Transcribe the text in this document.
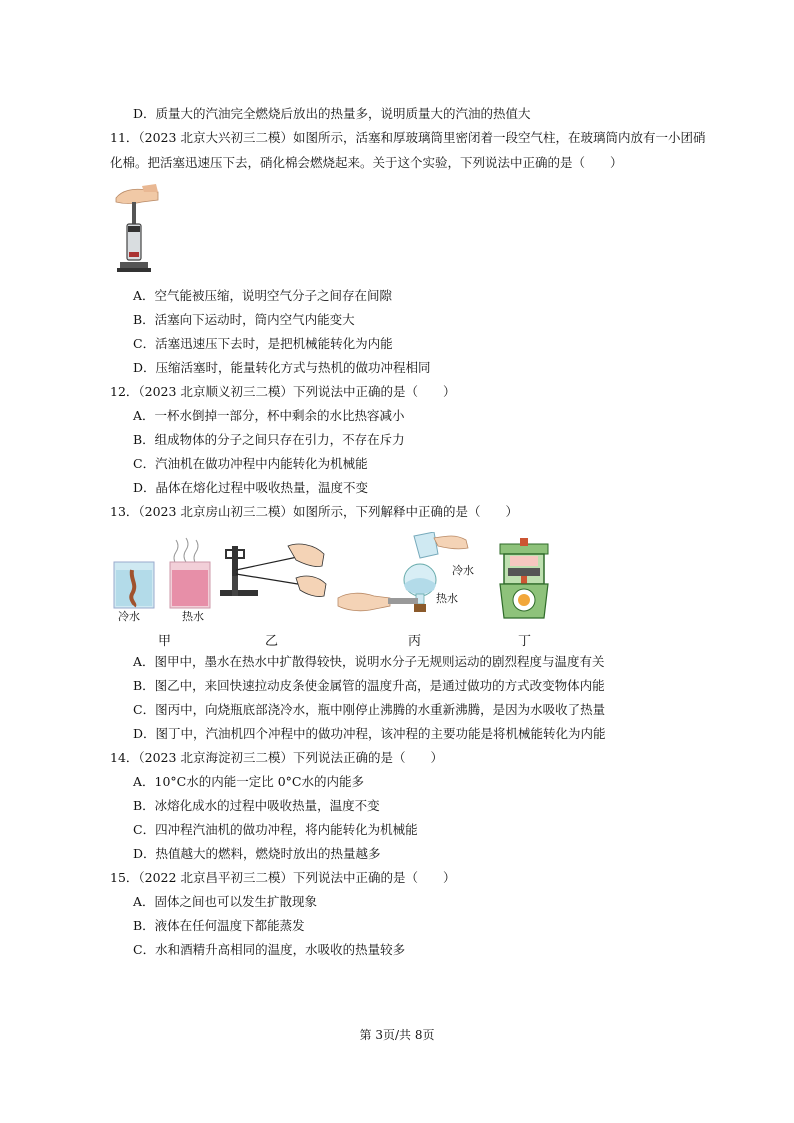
D．质量大的汽油完全燃烧后放出的热量多，说明质量大的汽油的热值大
11．（2023 北京大兴初三二模）如图所示，活塞和厚玻璃筒里密闭着一段空气柱，在玻璃筒内放有一小团硝
化棉。把活塞迅速压下去，硝化棉会燃烧起来。关于这个实验，下列说法中正确的是（　　）
A．空气能被压缩，说明空气分子之间存在间隙
B．活塞向下运动时，筒内空气内能变大
C．活塞迅速压下去时，是把机械能转化为内能
D．压缩活塞时，能量转化方式与热机的做功冲程相同
12．（2023 北京顺义初三二模）下列说法中正确的是（　　）
A．一杯水倒掉一部分，杯中剩余的水比热容减小
B．组成物体的分子之间只存在引力，不存在斥力
C．汽油机在做功冲程中内能转化为机械能
D．晶体在熔化过程中吸收热量，温度不变
13．（2023 北京房山初三二模）如图所示，下列解释中正确的是（　　）
冷水	热水
冷水
热水
甲	乙	丙	丁
A．图甲中，墨水在热水中扩散得较快，说明水分子无规则运动的剧烈程度与温度有关
B．图乙中，来回快速拉动皮条使金属管的温度升高，是通过做功的方式改变物体内能
C．图丙中，向烧瓶底部浇冷水，瓶中刚停止沸腾的水重新沸腾，是因为水吸收了热量
D．图丁中，汽油机四个冲程中的做功冲程，该冲程的主要功能是将机械能转化为内能
14．（2023 北京海淀初三二模）下列说法正确的是（　　）
A．10°C水的内能一定比 0°C水的内能多
B．冰熔化成水的过程中吸收热量，温度不变
C．四冲程汽油机的做功冲程，将内能转化为机械能
D．热值越大的燃料，燃烧时放出的热量越多
15．（2022 北京昌平初三二模）下列说法中正确的是（　　）
A．固体之间也可以发生扩散现象
B．液体在任何温度下都能蒸发
C．水和酒精升高相同的温度，水吸收的热量较多
第 3页/共 8页
